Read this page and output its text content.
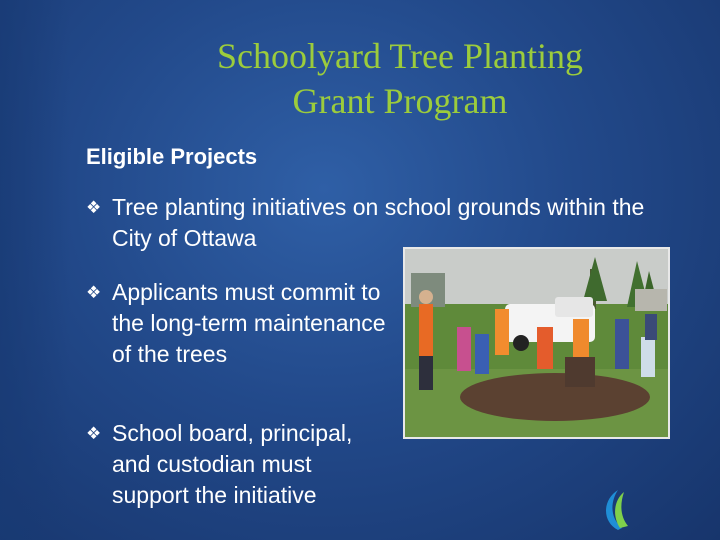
Schoolyard Tree Planting
Grant Program
Eligible Projects
❖ Tree planting initiatives on school grounds within the City of Ottawa
❖ Applicants must commit to the long-term maintenance of the trees
❖ School board, principal, and custodian must support the initiative
